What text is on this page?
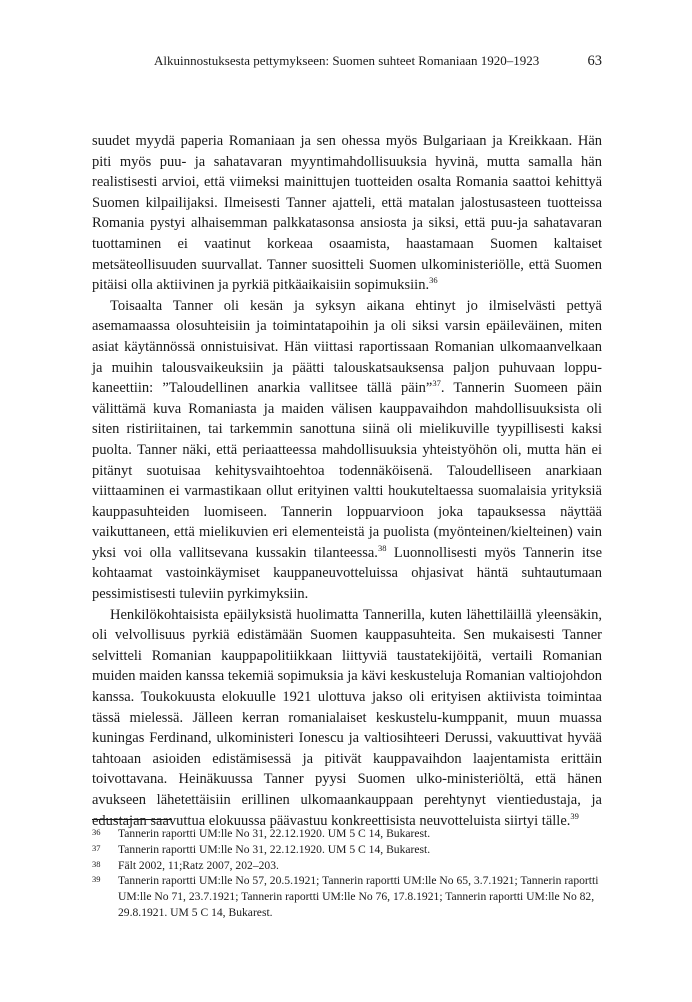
Alkuinnostuksesta pettymykseen: Suomen suhteet Romaniaan 1920–1923	63

suudet myydä paperia Romaniaan ja sen ohessa myös Bulgariaan ja Kreikkaan. Hän piti myös puu- ja sahatavaran myyntimahdollisuuksia hyvinä, mutta samalla hän realistisesti arvioi, että viimeksi mainittujen tuotteiden osalta Romania saattoi kehittyä Suomen kilpailijaksi. Ilmeisesti Tanner ajatteli, että matalan jalostusasteen tuotteissa Romania pystyi alhaisemman palkkatasonsa ansiosta ja siksi, että puu-ja sahatavaran tuottaminen ei vaatinut korkeaa osaamista, haastamaan Suomen kaltaiset metsäteollisuuden suurvallat. Tanner suositteli Suomen ulkoministeriölle, että Suomen pitäisi olla aktiivinen ja pyrkiä pitkäaikaisiin sopimuksiin.$^{36}$

Toisaalta Tanner oli kesän ja syksyn aikana ehtinyt jo ilmiselvästi pettyä asemamaassa olosuhteisiin ja toimintatapoihin ja oli siksi varsin epäileväinen, miten asiat käytännössä onnistuisivat. Hän viittasi raportissaan Romanian ulkomaanvelkaan ja muihin talousvaikeuksiin ja päätti talouskatsauksensa paljon puhuvaan loppu-kaneettiin: ”Taloudellinen anarkia vallitsee tällä päin”$^{37}$. Tannerin Suomeen päin välittämä kuva Romaniasta ja maiden välisen kauppavaihdon mahdollisuuksista oli siten ristiriitainen, tai tarkemmin sanottuna siinä oli mielikuville tyypillisesti kaksi puolta. Tanner näki, että periaatteessa mahdollisuuksia yhteistyöhön oli, mutta hän ei pitänyt suotuisaa kehitysvaihtoehtoa todennäköisenä. Taloudelliseen anarkiaan viittaaminen ei varmastikaan ollut erityinen valtti houkuteltaessa suomalaisia yrityksiä kauppasuhteiden luomiseen. Tannerin loppuarvioon joka tapauksessa näyttää vaikuttaneen, että mielikuvien eri elementeistä ja puolista (myönteinen/kielteinen) vain yksi voi olla vallitsevana kussakin tilanteessa.$^{38}$ Luonnollisesti myös Tannerin itse kohtaamat vastoinkäymiset kauppaneuvotteluissa ohjasivat häntä suhtautumaan pessimistisesti tuleviin pyrkimyksiin.

Henkilökohtaisista epäilyksistä huolimatta Tannerilla, kuten lähettiläillä yleensäkin, oli velvollisuus pyrkiä edistämään Suomen kauppasuhteita. Sen mukaisesti Tanner selvitteli Romanian kauppapolitiikkaan liittyviä taustatekijöitä, vertaili Romanian muiden maiden kanssa tekemiä sopimuksia ja kävi keskusteluja Romanian valtiojohdon kanssa. Toukokuusta elokuulle 1921 ulottuva jakso oli erityisen aktiivista toimintaa tässä mielessä. Jälleen kerran romanialaiset keskustelu-kumppanit, muun muassa kuningas Ferdinand, ulkoministeri Ionescu ja valtiosihteeri Derussi, vakuuttivat hyvää tahtoaan asioiden edistämisessä ja pitivät kauppavaihdon laajentamista erittäin toivottavana. Heinäkuussa Tanner pyysi Suomen ulko-ministeriöltä, että hänen avukseen lähetettäisiin erillinen ulkomaankauppaan perehtynyt vientiedustaja, ja edustajan saavuttua elokuussa päävastuu konkreettisista neuvotteluista siirtyi tälle.$^{39}$

36	Tannerin raportti UM:lle No 31, 22.12.1920. UM 5 C 14, Bukarest.
37	Tannerin raportti UM:lle No 31, 22.12.1920. UM 5 C 14, Bukarest.
38	Fält 2002, 11;Ratz 2007, 202–203.
39	Tannerin raportti UM:lle No 57, 20.5.1921; Tannerin raportti UM:lle No 65, 3.7.1921; Tannerin raportti UM:lle No 71, 23.7.1921; Tannerin raportti UM:lle No 76, 17.8.1921; Tannerin raportti UM:lle No 82, 29.8.1921. UM 5 C 14, Bukarest.
